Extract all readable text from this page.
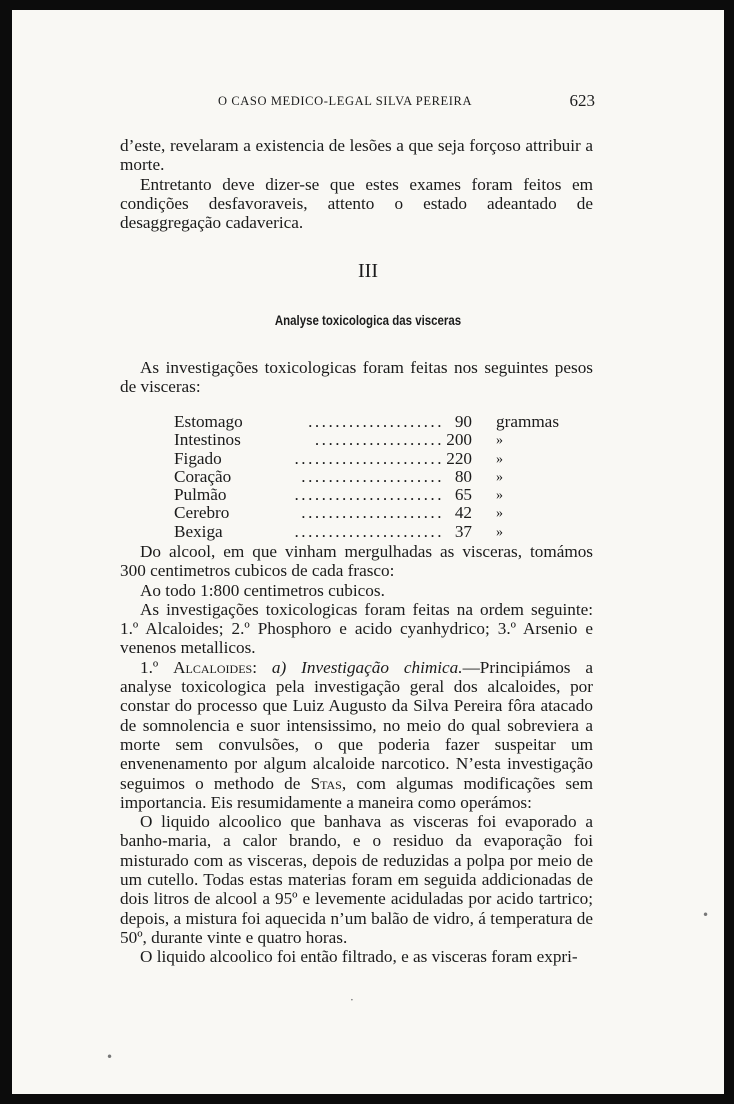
O CASO MEDICO-LEGAL SILVA PEREIRA	623

d’este, revelaram a existencia de lesões a que seja forçoso attribuir a morte.

Entretanto deve dizer-se que estes exames foram feitos em condições desfavoraveis, attento o estado adeantado de desaggregação cadaverica.

III
Analyse toxicologica das visceras

As investigações toxicologicas foram feitas nos seguintes pesos de visceras:

Estomago	.................... 90 grammas
Intestinos	................... 200 »
Figado	...................... 220 »
Coração	..................... 80 »
Pulmão	...................... 65 »
Cerebro	..................... 42 »
Bexiga	...................... 37 »

Do alcool, em que vinham mergulhadas as visceras, tomámos 300 centimetros cubicos de cada frasco:

Ao todo 1:800 centimetros cubicos.

As investigações toxicologicas foram feitas na ordem seguinte: 1.º Alcaloides; 2.º Phosphoro e acido cyanhydrico; 3.º Arsenio e venenos metallicos.

1.º Alcaloides: a) Investigação chimica.—Principiámos a analyse toxicologica pela investigação geral dos alcaloides, por constar do processo que Luiz Augusto da Silva Pereira fôra atacado de somnolencia e suor intensissimo, no meio do qual sobreviera a morte sem convulsões, o que poderia fazer suspeitar um envenenamento por algum alcaloide narcotico. N’esta investigação seguimos o methodo de Stas, com algumas modificações sem importancia. Eis resumidamente a maneira como operámos:

O liquido alcoolico que banhava as visceras foi evaporado a banho-maria, a calor brando, e o residuo da evaporação foi misturado com as visceras, depois de reduzidas a polpa por meio de um cutello. Todas estas materias foram em seguida addicionadas de dois litros de alcool a 95º e levemente aciduladas por acido tartrico; depois, a mistura foi aquecida n’um balão de vidro, á temperatura de 50º, durante vinte e quatro horas.

O liquido alcoolico foi então filtrado, e as visceras foram expri-

•
·
•
